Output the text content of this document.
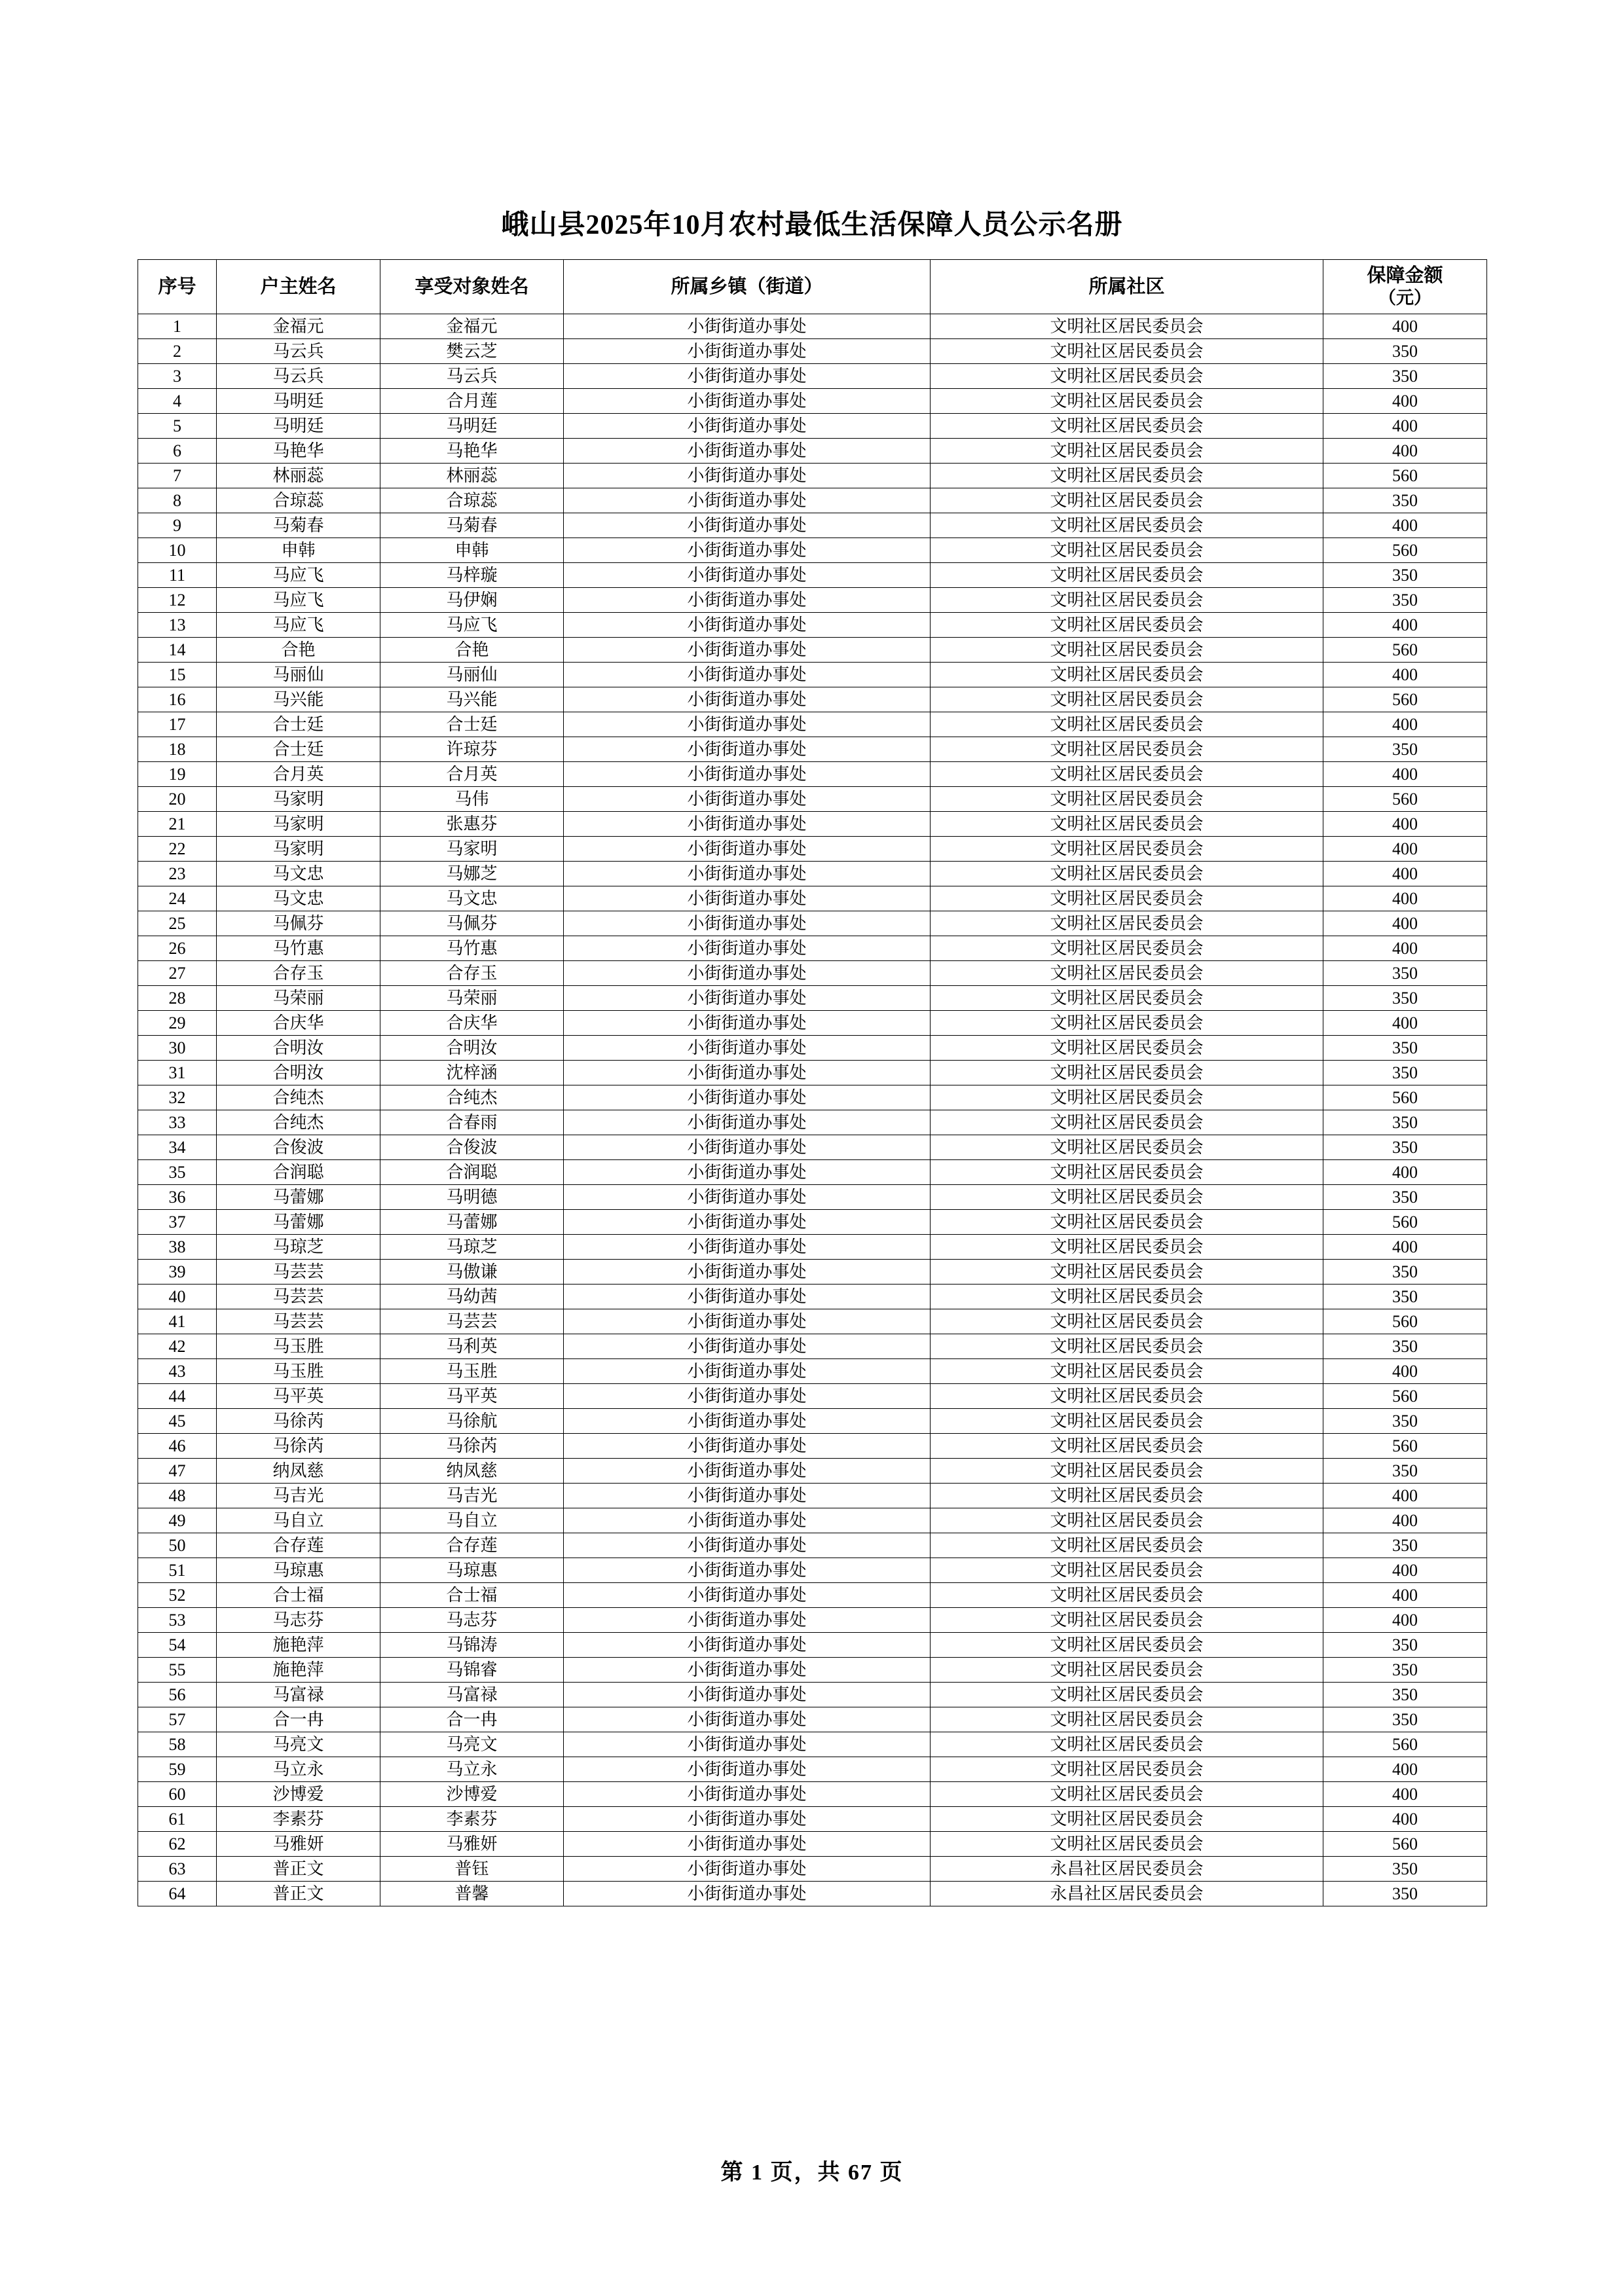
峨山县2025年10月农村最低生活保障人员公示名册
序号	户主姓名	享受对象姓名	所属乡镇（街道）	所属社区	保障金额
（元）

1	金福元	金福元	小街街道办事处	文明社区居民委员会	400
2	马云兵	樊云芝	小街街道办事处	文明社区居民委员会	350
3	马云兵	马云兵	小街街道办事处	文明社区居民委员会	350
4	马明廷	合月莲	小街街道办事处	文明社区居民委员会	400
5	马明廷	马明廷	小街街道办事处	文明社区居民委员会	400
6	马艳华	马艳华	小街街道办事处	文明社区居民委员会	400
7	林丽蕊	林丽蕊	小街街道办事处	文明社区居民委员会	560
8	合琼蕊	合琼蕊	小街街道办事处	文明社区居民委员会	350
9	马菊春	马菊春	小街街道办事处	文明社区居民委员会	400
10	申韩	申韩	小街街道办事处	文明社区居民委员会	560
11	马应飞	马梓璇	小街街道办事处	文明社区居民委员会	350
12	马应飞	马伊娴	小街街道办事处	文明社区居民委员会	350
13	马应飞	马应飞	小街街道办事处	文明社区居民委员会	400
14	合艳	合艳	小街街道办事处	文明社区居民委员会	560
15	马丽仙	马丽仙	小街街道办事处	文明社区居民委员会	400
16	马兴能	马兴能	小街街道办事处	文明社区居民委员会	560
17	合士廷	合士廷	小街街道办事处	文明社区居民委员会	400
18	合士廷	许琼芬	小街街道办事处	文明社区居民委员会	350
19	合月英	合月英	小街街道办事处	文明社区居民委员会	400
20	马家明	马伟	小街街道办事处	文明社区居民委员会	560
21	马家明	张惠芬	小街街道办事处	文明社区居民委员会	400
22	马家明	马家明	小街街道办事处	文明社区居民委员会	400
23	马文忠	马娜芝	小街街道办事处	文明社区居民委员会	400
24	马文忠	马文忠	小街街道办事处	文明社区居民委员会	400
25	马佩芬	马佩芬	小街街道办事处	文明社区居民委员会	400
26	马竹惠	马竹惠	小街街道办事处	文明社区居民委员会	400
27	合存玉	合存玉	小街街道办事处	文明社区居民委员会	350
28	马荣丽	马荣丽	小街街道办事处	文明社区居民委员会	350
29	合庆华	合庆华	小街街道办事处	文明社区居民委员会	400
30	合明汝	合明汝	小街街道办事处	文明社区居民委员会	350
31	合明汝	沈梓涵	小街街道办事处	文明社区居民委员会	350
32	合纯杰	合纯杰	小街街道办事处	文明社区居民委员会	560
33	合纯杰	合春雨	小街街道办事处	文明社区居民委员会	350
34	合俊波	合俊波	小街街道办事处	文明社区居民委员会	350
35	合润聪	合润聪	小街街道办事处	文明社区居民委员会	400
36	马蕾娜	马明德	小街街道办事处	文明社区居民委员会	350
37	马蕾娜	马蕾娜	小街街道办事处	文明社区居民委员会	560
38	马琼芝	马琼芝	小街街道办事处	文明社区居民委员会	400
39	马芸芸	马傲谦	小街街道办事处	文明社区居民委员会	350
40	马芸芸	马幼茜	小街街道办事处	文明社区居民委员会	350
41	马芸芸	马芸芸	小街街道办事处	文明社区居民委员会	560
42	马玉胜	马利英	小街街道办事处	文明社区居民委员会	350
43	马玉胜	马玉胜	小街街道办事处	文明社区居民委员会	400
44	马平英	马平英	小街街道办事处	文明社区居民委员会	560
45	马徐芮	马徐航	小街街道办事处	文明社区居民委员会	350
46	马徐芮	马徐芮	小街街道办事处	文明社区居民委员会	560
47	纳凤慈	纳凤慈	小街街道办事处	文明社区居民委员会	350
48	马吉光	马吉光	小街街道办事处	文明社区居民委员会	400
49	马自立	马自立	小街街道办事处	文明社区居民委员会	400
50	合存莲	合存莲	小街街道办事处	文明社区居民委员会	350
51	马琼惠	马琼惠	小街街道办事处	文明社区居民委员会	400
52	合士福	合士福	小街街道办事处	文明社区居民委员会	400
53	马志芬	马志芬	小街街道办事处	文明社区居民委员会	400
54	施艳萍	马锦涛	小街街道办事处	文明社区居民委员会	350
55	施艳萍	马锦睿	小街街道办事处	文明社区居民委员会	350
56	马富禄	马富禄	小街街道办事处	文明社区居民委员会	350
57	合一冉	合一冉	小街街道办事处	文明社区居民委员会	350
58	马亮文	马亮文	小街街道办事处	文明社区居民委员会	560
59	马立永	马立永	小街街道办事处	文明社区居民委员会	400
60	沙博爱	沙博爱	小街街道办事处	文明社区居民委员会	400
61	李素芬	李素芬	小街街道办事处	文明社区居民委员会	400
62	马雅妍	马雅妍	小街街道办事处	文明社区居民委员会	560
63	普正文	普钰	小街街道办事处	永昌社区居民委员会	350
64	普正文	普馨	小街街道办事处	永昌社区居民委员会	350
第 1 页，共 67 页
